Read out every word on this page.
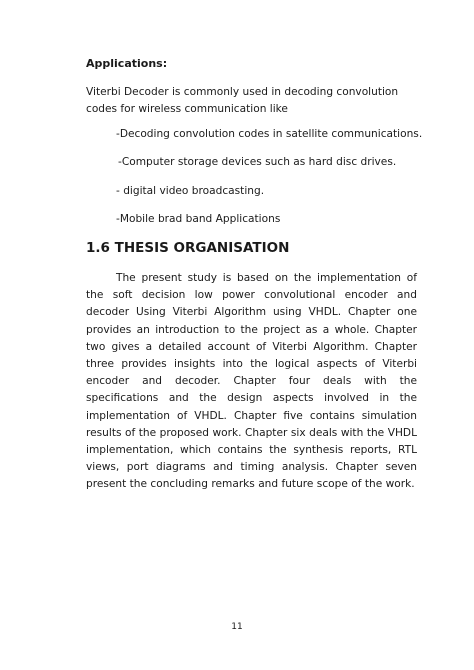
Applications:

Viterbi Decoder is commonly used in decoding convolution codes for wireless communication like

-Decoding convolution codes in satellite communications.

-Computer storage devices such as hard disc drives.

- digital video broadcasting.

-Mobile brad band Applications

1.6 THESIS ORGANISATION

The present study is based on the implementation of the soft decision low power convolutional encoder and decoder Using Viterbi Algorithm using VHDL. Chapter one provides an introduction to the project as a whole. Chapter two gives a detailed account of Viterbi Algorithm. Chapter three provides insights into the logical aspects of Viterbi encoder and decoder. Chapter four deals with the specifications and the design aspects involved in the implementation of VHDL. Chapter five contains simulation results of the proposed work. Chapter six deals with the VHDL implementation, which contains the synthesis reports, RTL views, port diagrams and timing analysis. Chapter seven present the concluding remarks and future scope of the work.

11
